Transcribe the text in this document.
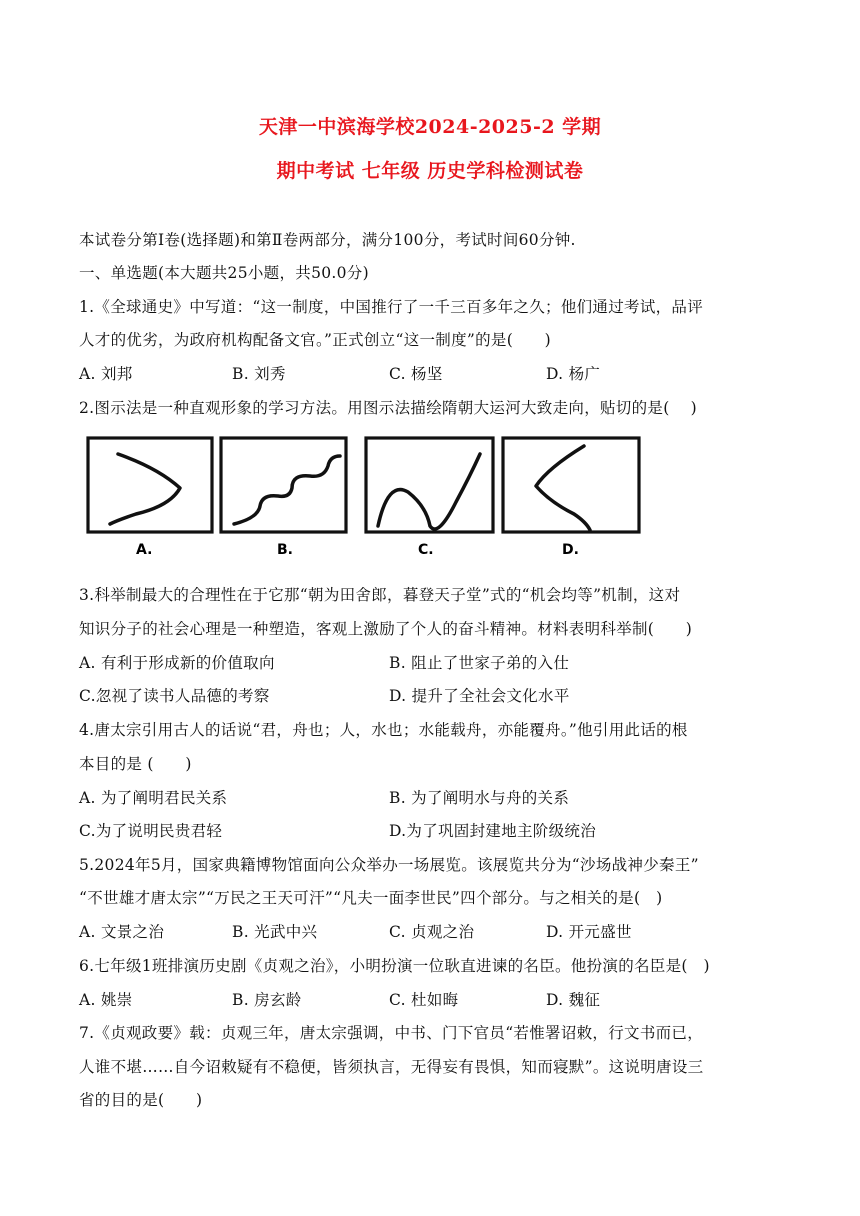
天津一中滨海学校2024-2025-2 学期
期中考试 七年级 历史学科检测试卷
本试卷分第Ⅰ卷(选择题)和第Ⅱ卷两部分，满分100分，考试时间60分钟.
一、单选题(本大题共25小题，共50.0分)
1.《全球通史》中写道：“这一制度，中国推行了一千三百多年之久；他们通过考试，品评
人才的优劣，为政府机构配备文官。”正式创立“这一制度”的是(　　)
A. 刘邦	B. 刘秀	C. 杨坚	D. 杨广
2.图示法是一种直观形象的学习方法。用图示法描绘隋朝大运河大致走向，贴切的是(　 )
A.	B.	C.	D.
3.科举制最大的合理性在于它那“朝为田舍郎，暮登天子堂”式的“机会均等”机制，这对
知识分子的社会心理是一种塑造，客观上激励了个人的奋斗精神。材料表明科举制(　　)
A. 有利于形成新的价值取向	B. 阻止了世家子弟的入仕
C.忽视了读书人品德的考察	D. 提升了全社会文化水平
4.唐太宗引用古人的话说“君，舟也；人，水也；水能载舟，亦能覆舟。”他引用此话的根
本目的是 (　　)
A. 为了阐明君民关系	B. 为了阐明水与舟的关系
C.为了说明民贵君轻	D.为了巩固封建地主阶级统治
5.2024年5月，国家典籍博物馆面向公众举办一场展览。该展览共分为“沙场战神少秦王”
“不世雄才唐太宗”“万民之王天可汗”“凡夫一面李世民”四个部分。与之相关的是(　)
A. 文景之治	B. 光武中兴	C. 贞观之治	D. 开元盛世
6.七年级1班排演历史剧《贞观之治》，小明扮演一位耿直进谏的名臣。他扮演的名臣是(　)
A. 姚崇	B. 房玄龄	C. 杜如晦	D. 魏征
7.《贞观政要》载：贞观三年，唐太宗强调，中书、门下官员“若惟署诏敕，行文书而已，
人谁不堪……自今诏敕疑有不稳便，皆须执言，无得妄有畏惧，知而寝默”。这说明唐设三
省的目的是(　　)
